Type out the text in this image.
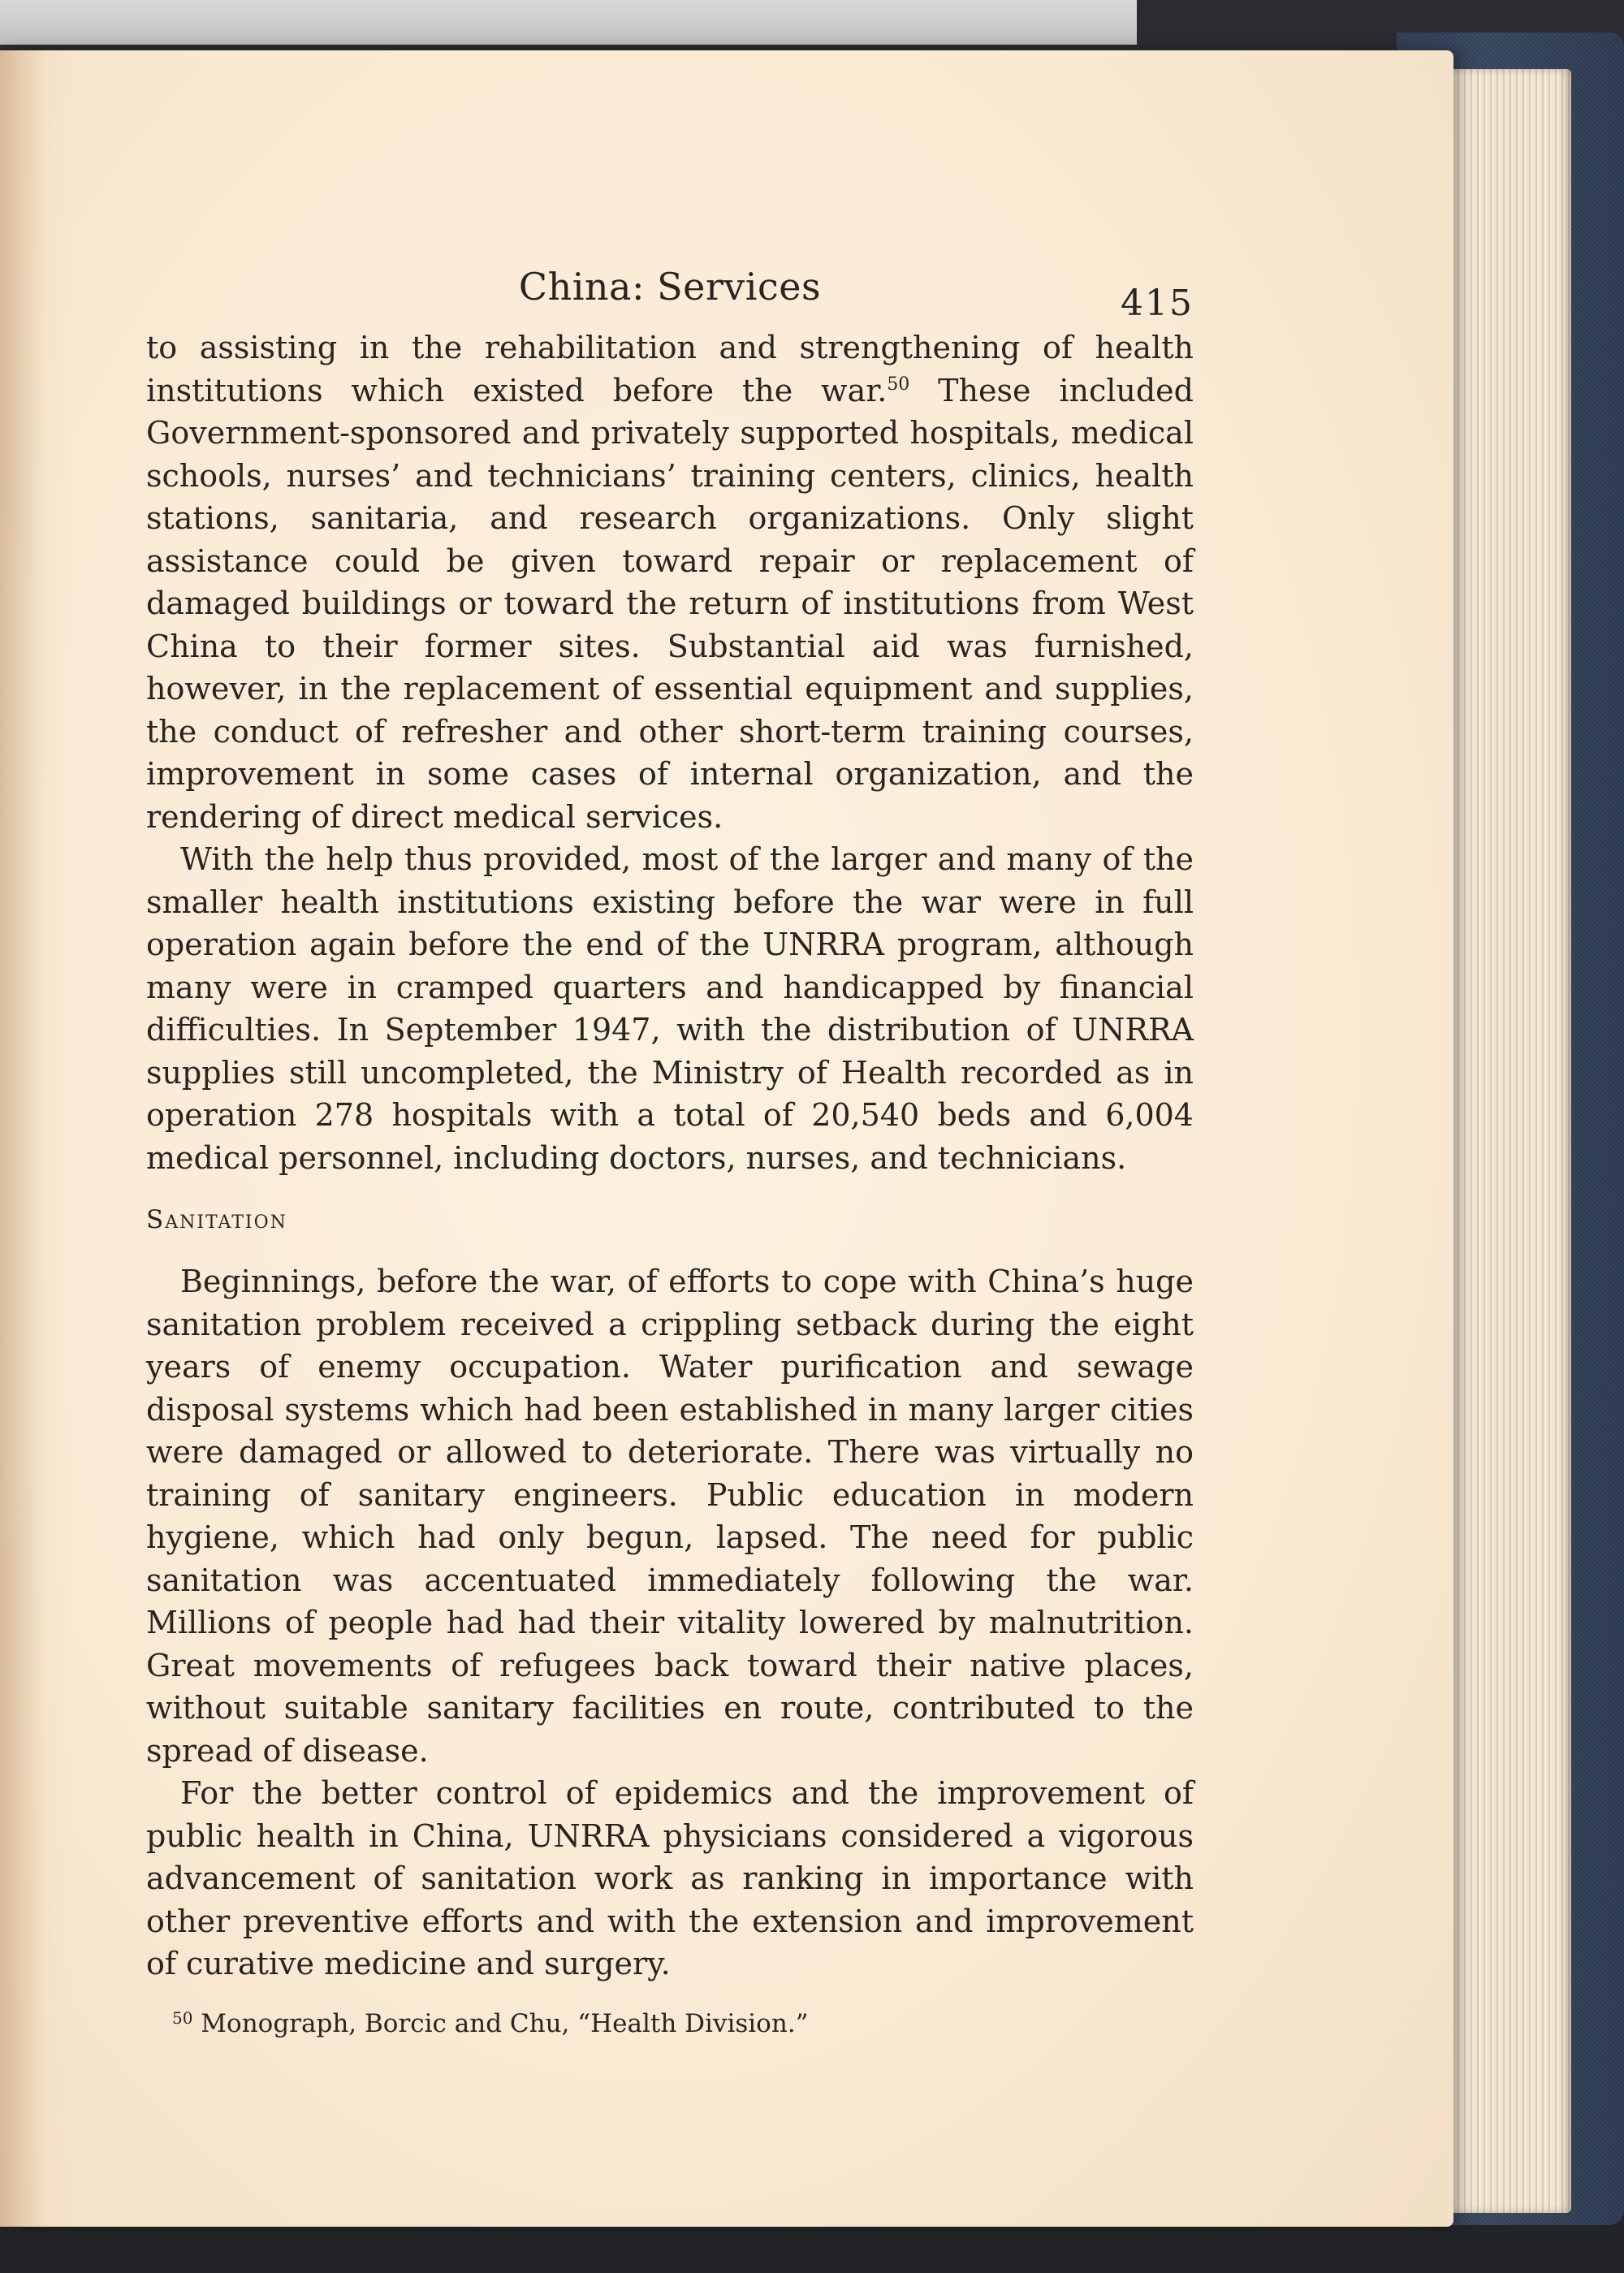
China: Services	415

to assisting in the rehabilitation and strengthening of health institutions which existed before the war.$^{50}$ These included Government-sponsored and privately supported hospitals, medical schools, nurses’ and technicians’ training centers, clinics, health stations, sanitaria, and research organizations. Only slight assistance could be given toward repair or replacement of damaged buildings or toward the return of institutions from West China to their former sites. Substantial aid was furnished, however, in the replacement of essential equipment and supplies, the conduct of refresher and other short-term training courses, improvement in some cases of internal organization, and the rendering of direct medical services.

With the help thus provided, most of the larger and many of the smaller health institutions existing before the war were in full operation again before the end of the UNRRA program, although many were in cramped quarters and handicapped by financial difficulties. In September 1947, with the distribution of UNRRA supplies still uncompleted, the Ministry of Health recorded as in operation 278 hospitals with a total of 20,540 beds and 6,004 medical personnel, including doctors, nurses, and technicians.

Sanitation

Beginnings, before the war, of efforts to cope with China’s huge sanitation problem received a crippling setback during the eight years of enemy occupation. Water purification and sewage disposal systems which had been established in many larger cities were damaged or allowed to deteriorate. There was virtually no training of sanitary engineers. Public education in modern hygiene, which had only begun, lapsed. The need for public sanitation was accentuated immediately following the war. Millions of people had had their vitality lowered by malnutrition. Great movements of refugees back toward their native places, without suitable sanitary facilities en route, contributed to the spread of disease.

For the better control of epidemics and the improvement of public health in China, UNRRA physicians considered a vigorous advancement of sanitation work as ranking in importance with other preventive efforts and with the extension and improvement of curative medicine and surgery.

$^{50}$ Monograph, Borcic and Chu, “Health Division.”
